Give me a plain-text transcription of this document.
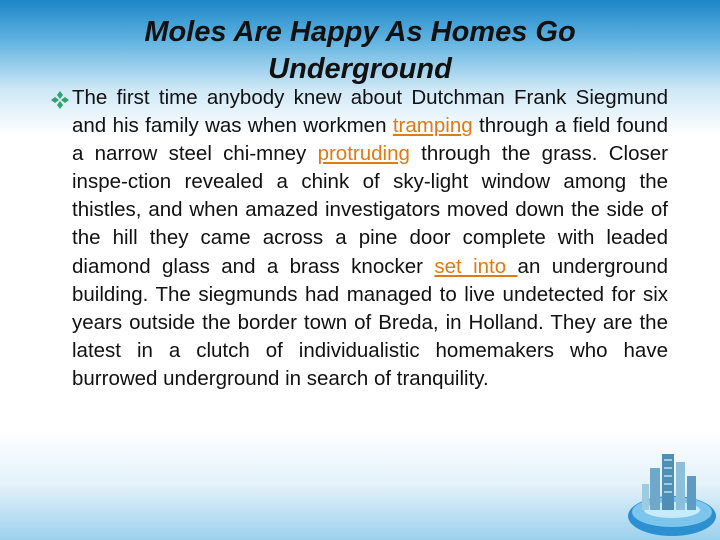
Moles Are Happy As Homes Go Underground

The first time anybody knew about Dutchman Frank Siegmund and his family was when workmen tramping through a field found a narrow steel chi-mney protruding through the grass. Closer inspe-ction revealed a chink of sky-light window among the thistles, and when amazed investigators moved down the side of the hill they came across a pine door complete with leaded diamond glass and a brass knocker set into an underground building. The siegmunds had managed to live undetected for six years outside the border town of Breda, in Holland. They are the latest in a clutch of individualistic homemakers who have burrowed underground in search of tranquility.
